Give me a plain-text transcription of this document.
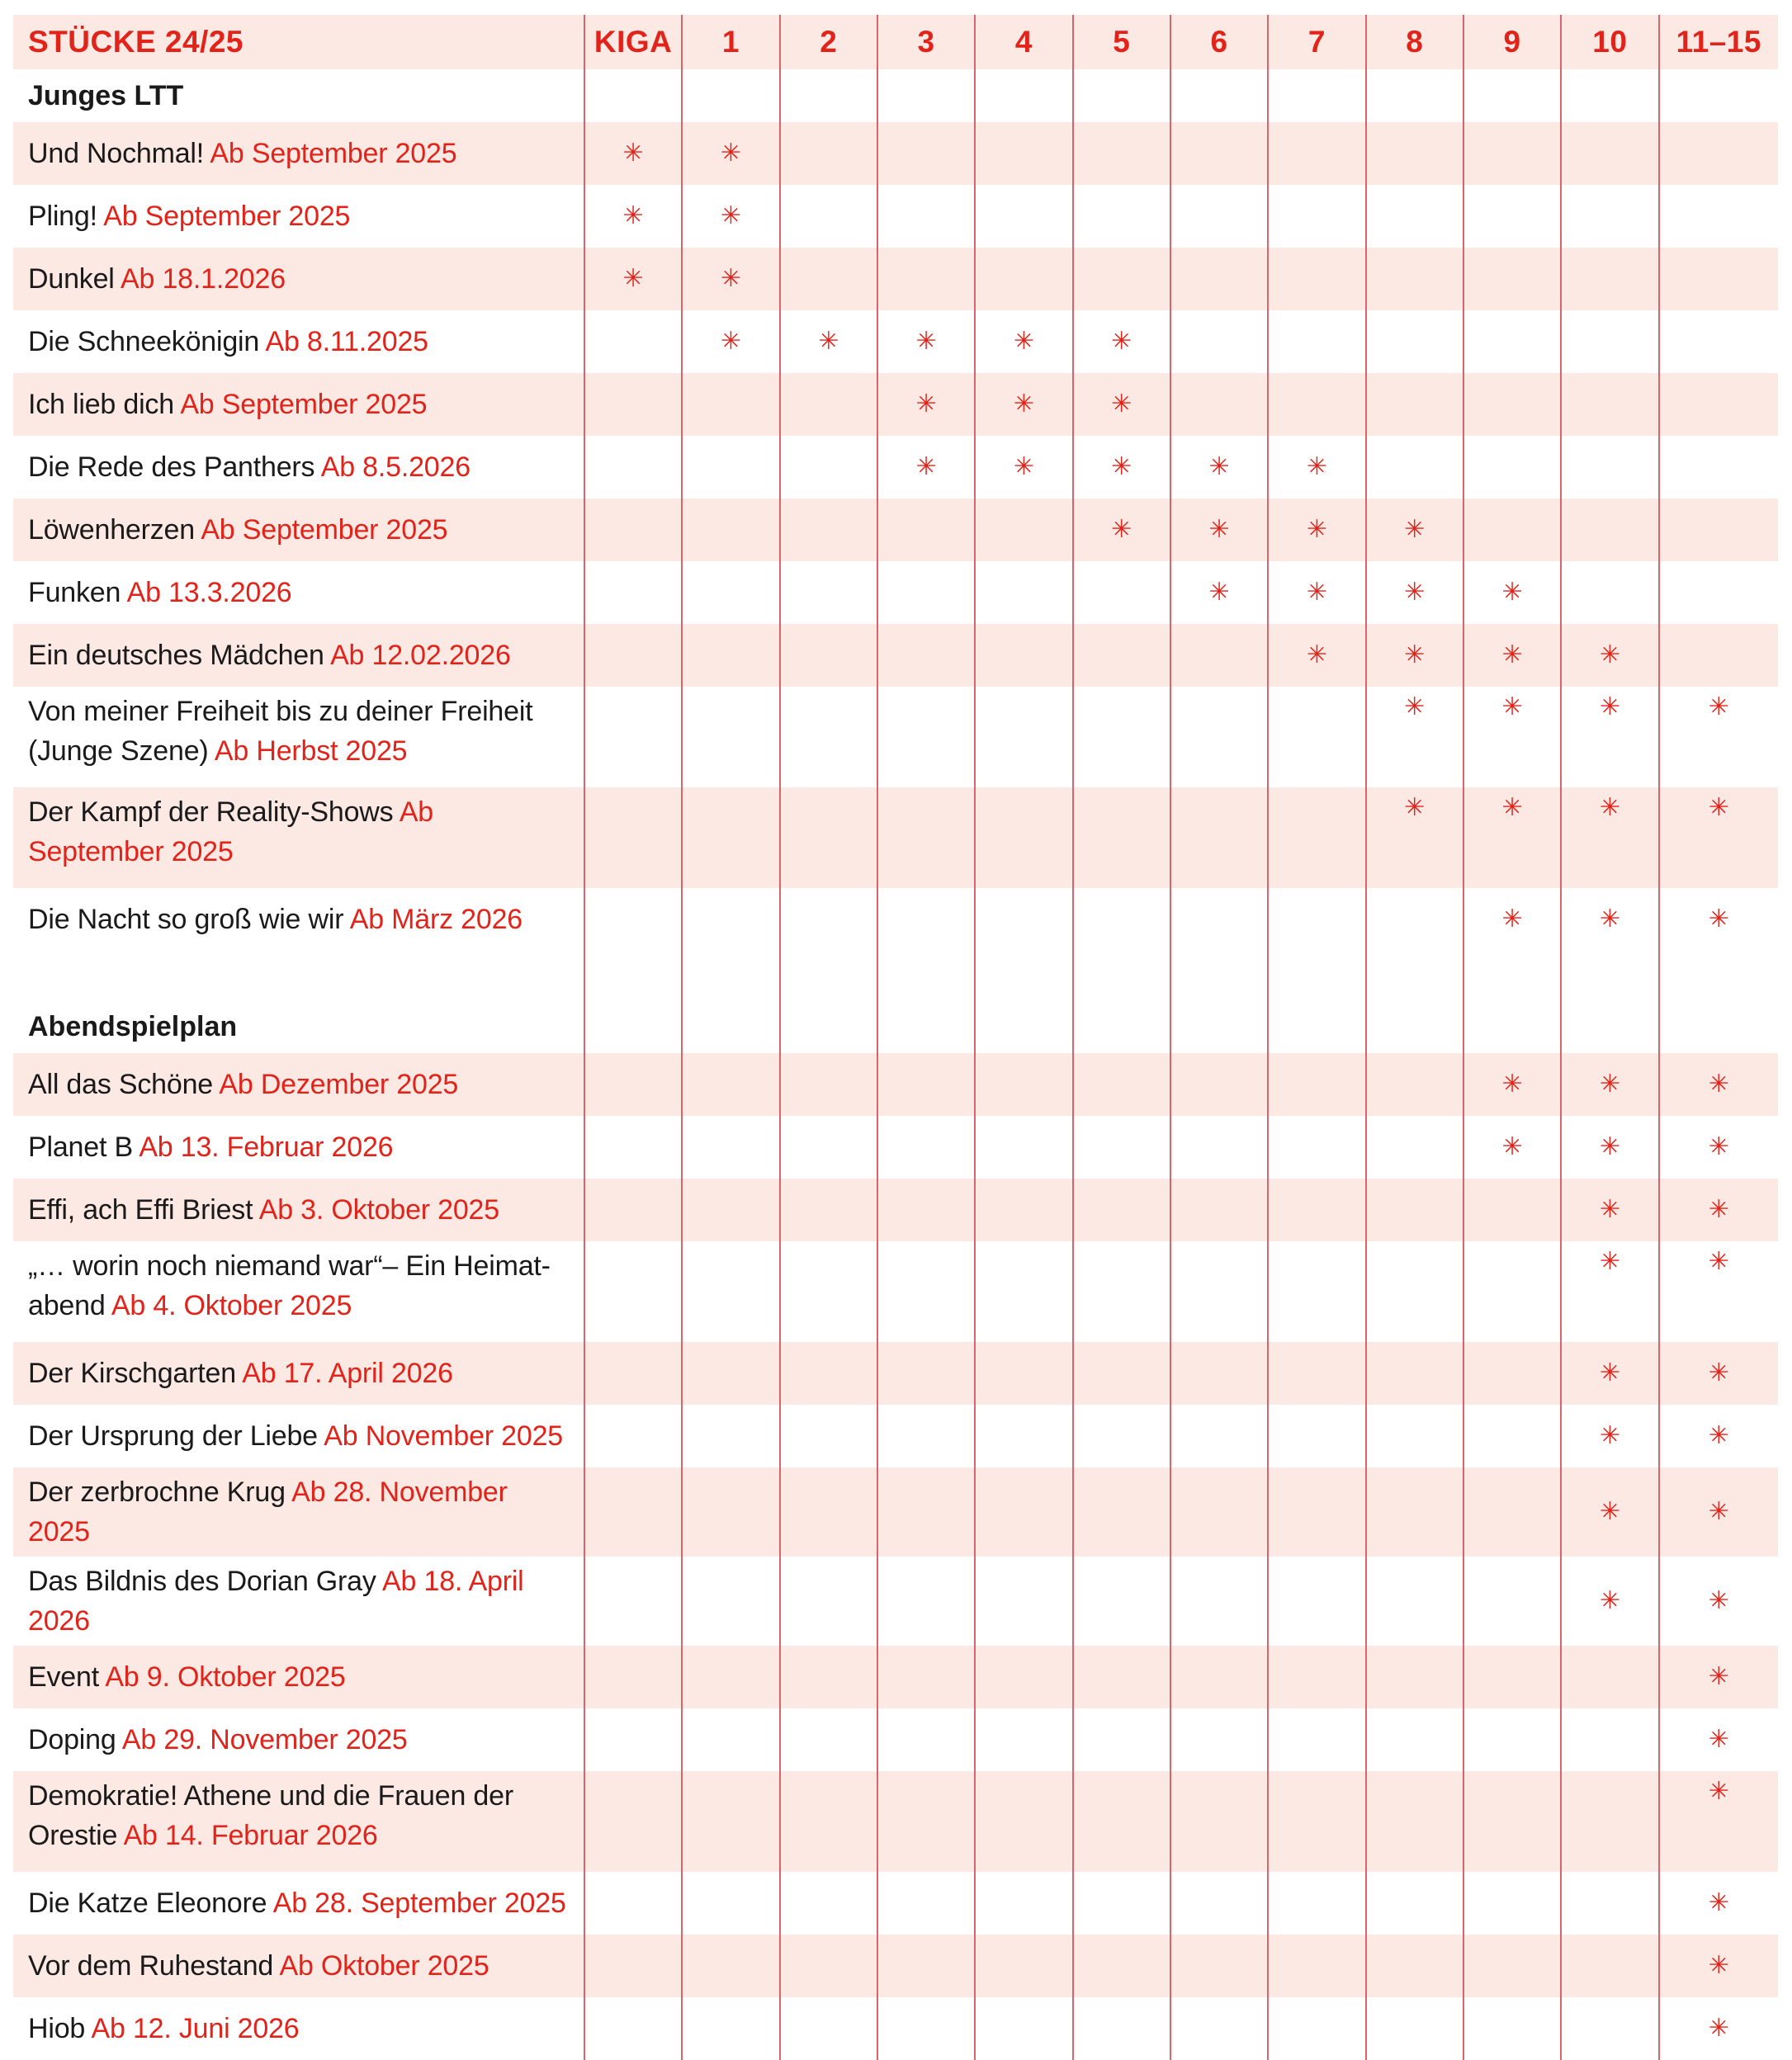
STÜCKE 24/25	KIGA	1	2	3	4	5	6	7	8	9	10	11–15
Junges LTT												
Und Nochmal! Ab September 2025	✳	✳										
Pling! Ab September 2025	✳	✳										
Dunkel Ab 18.1.2026	✳	✳										
Die Schneekönigin Ab 8.11.2025		✳	✳	✳	✳	✳						
Ich lieb dich Ab September 2025				✳	✳	✳						
Die Rede des Panthers Ab 8.5.2026				✳	✳	✳	✳	✳				
Löwenherzen Ab September 2025						✳	✳	✳	✳			
Funken Ab 13.3.2026							✳	✳	✳	✳		
Ein deutsches Mädchen Ab 12.02.2026								✳	✳	✳	✳	
Von meiner Freiheit bis zu deiner Freiheit (Junge Szene) Ab Herbst 2025									✳	✳	✳	✳
Der Kampf der Reality-Shows Ab September 2025									✳	✳	✳	✳
Die Nacht so groß wie wir Ab März 2026										✳	✳	✳

Abendspielplan												
All das Schöne Ab Dezember 2025										✳	✳	✳
Planet B Ab 13. Februar 2026										✳	✳	✳
Effi, ach Effi Briest Ab 3. Oktober 2025											✳	✳
„… worin noch niemand war“– Ein Heimat-abend Ab 4. Oktober 2025											✳	✳
Der Kirschgarten Ab 17. April 2026											✳	✳
Der Ursprung der Liebe Ab November 2025											✳	✳
Der zerbrochne Krug Ab 28. November 2025											✳	✳
Das Bildnis des Dorian Gray Ab 18. April 2026											✳	✳
Event Ab 9. Oktober 2025												✳
Doping Ab 29. November 2025												✳
Demokratie! Athene und die Frauen der Orestie Ab 14. Februar 2026												✳
Die Katze Eleonore Ab 28. September 2025												✳
Vor dem Ruhestand Ab Oktober 2025												✳
Hiob Ab 12. Juni 2026												✳
